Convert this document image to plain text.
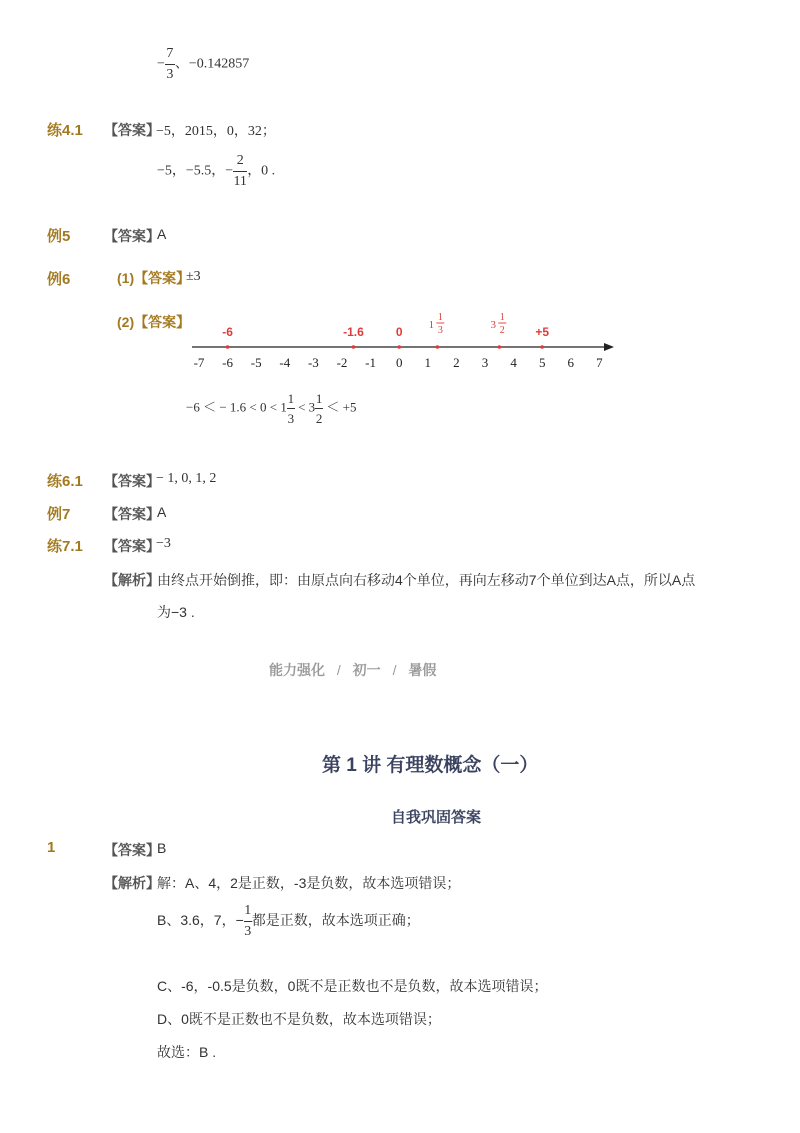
− $\frac{7}{3}$ 、−0.142857
练4.1 【答案】
−5，2015，0，32；
−5，−5.5，− $\frac{2}{11}$ ，0 .
例5 【答案】
A
例6	(1)【答案】
±3
(2)【答案】
-7 -6 -5 -4 -3 -2 -1 0 1 2 3 4 5 6 7
-6	-1.6	0 1
1
3	3
1
2	+5
−6 ＜ − $1.6 < 0 < 1 \frac{1}{3} < 3 \frac{1}{2} < +5$
练6.1 【答案】
− 1, 0, 1, 2
例7 【答案】
A
练7.1 【答案】
−3
【解析】
由终点开始倒推，即：由原点向右移动4个单位，再向左移动7个单位到达A点，所以A点
为−3 .
能力强化 / 初一 / 暑假
第 1 讲 有理数概念（一）
自我巩固答案
1	【答案】
B
【解析】
解：A、4，2是正数，-3是负数，故本选项错误；
B、3.6，7，− $\frac{1}{3}$ 都是正数，故本选项正确；
C、-6，-0.5是负数，0既不是正数也不是负数，故本选项错误；
D、0既不是正数也不是负数，故本选项错误；
故选：B .
